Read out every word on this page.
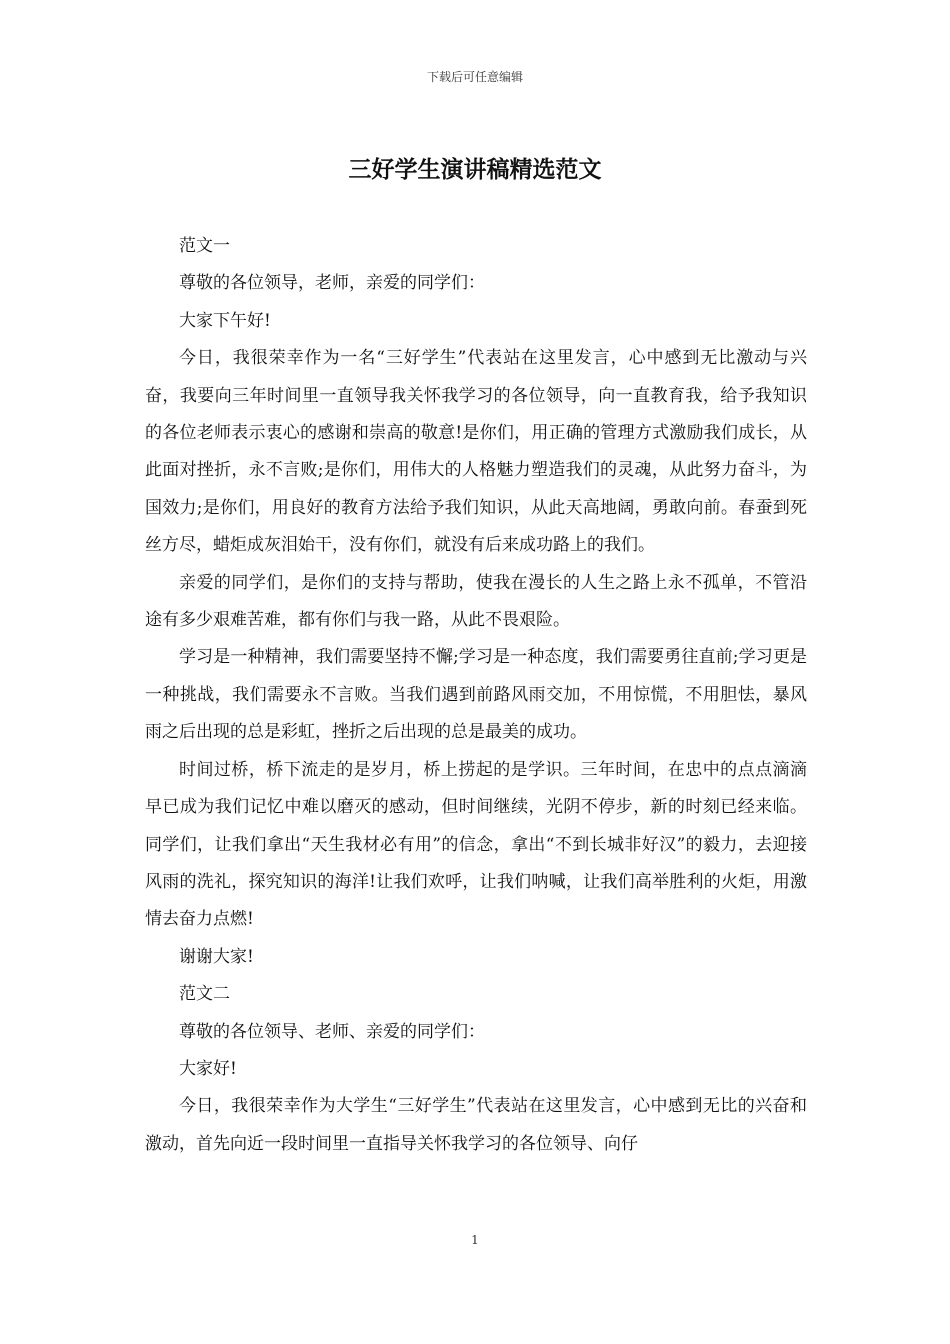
下载后可任意编辑
三好学生演讲稿精选范文

范文一

尊敬的各位领导，老师，亲爱的同学们：

大家下午好!

今日，我很荣幸作为一名“三好学生”代表站在这里发言，心中感到无比激动与兴奋，我要向三年时间里一直领导我关怀我学习的各位领导，向一直教育我，给予我知识的各位老师表示衷心的感谢和崇高的敬意!是你们，用正确的管理方式激励我们成长，从此面对挫折，永不言败;是你们，用伟大的人格魅力塑造我们的灵魂，从此努力奋斗，为国效力;是你们，用良好的教育方法给予我们知识，从此天高地阔，勇敢向前。春蚕到死丝方尽，蜡炬成灰泪始干，没有你们，就没有后来成功路上的我们。

亲爱的同学们，是你们的支持与帮助，使我在漫长的人生之路上永不孤单，不管沿途有多少艰难苦难，都有你们与我一路，从此不畏艰险。

学习是一种精神，我们需要坚持不懈;学习是一种态度，我们需要勇往直前;学习更是一种挑战，我们需要永不言败。当我们遇到前路风雨交加，不用惊慌，不用胆怯，暴风雨之后出现的总是彩虹，挫折之后出现的总是最美的成功。

时间过桥，桥下流走的是岁月，桥上捞起的是学识。三年时间，在忠中的点点滴滴早已成为我们记忆中难以磨灭的感动，但时间继续，光阴不停步，新的时刻已经来临。同学们，让我们拿出“天生我材必有用”的信念，拿出“不到长城非好汉”的毅力，去迎接风雨的洗礼，探究知识的海洋!让我们欢呼，让我们呐喊，让我们高举胜利的火炬，用激情去奋力点燃!

谢谢大家!

范文二

尊敬的各位领导、老师、亲爱的同学们：

大家好!

今日，我很荣幸作为大学生“三好学生”代表站在这里发言，心中感到无比的兴奋和激动，首先向近一段时间里一直指导关怀我学习的各位领导、向仔

1
